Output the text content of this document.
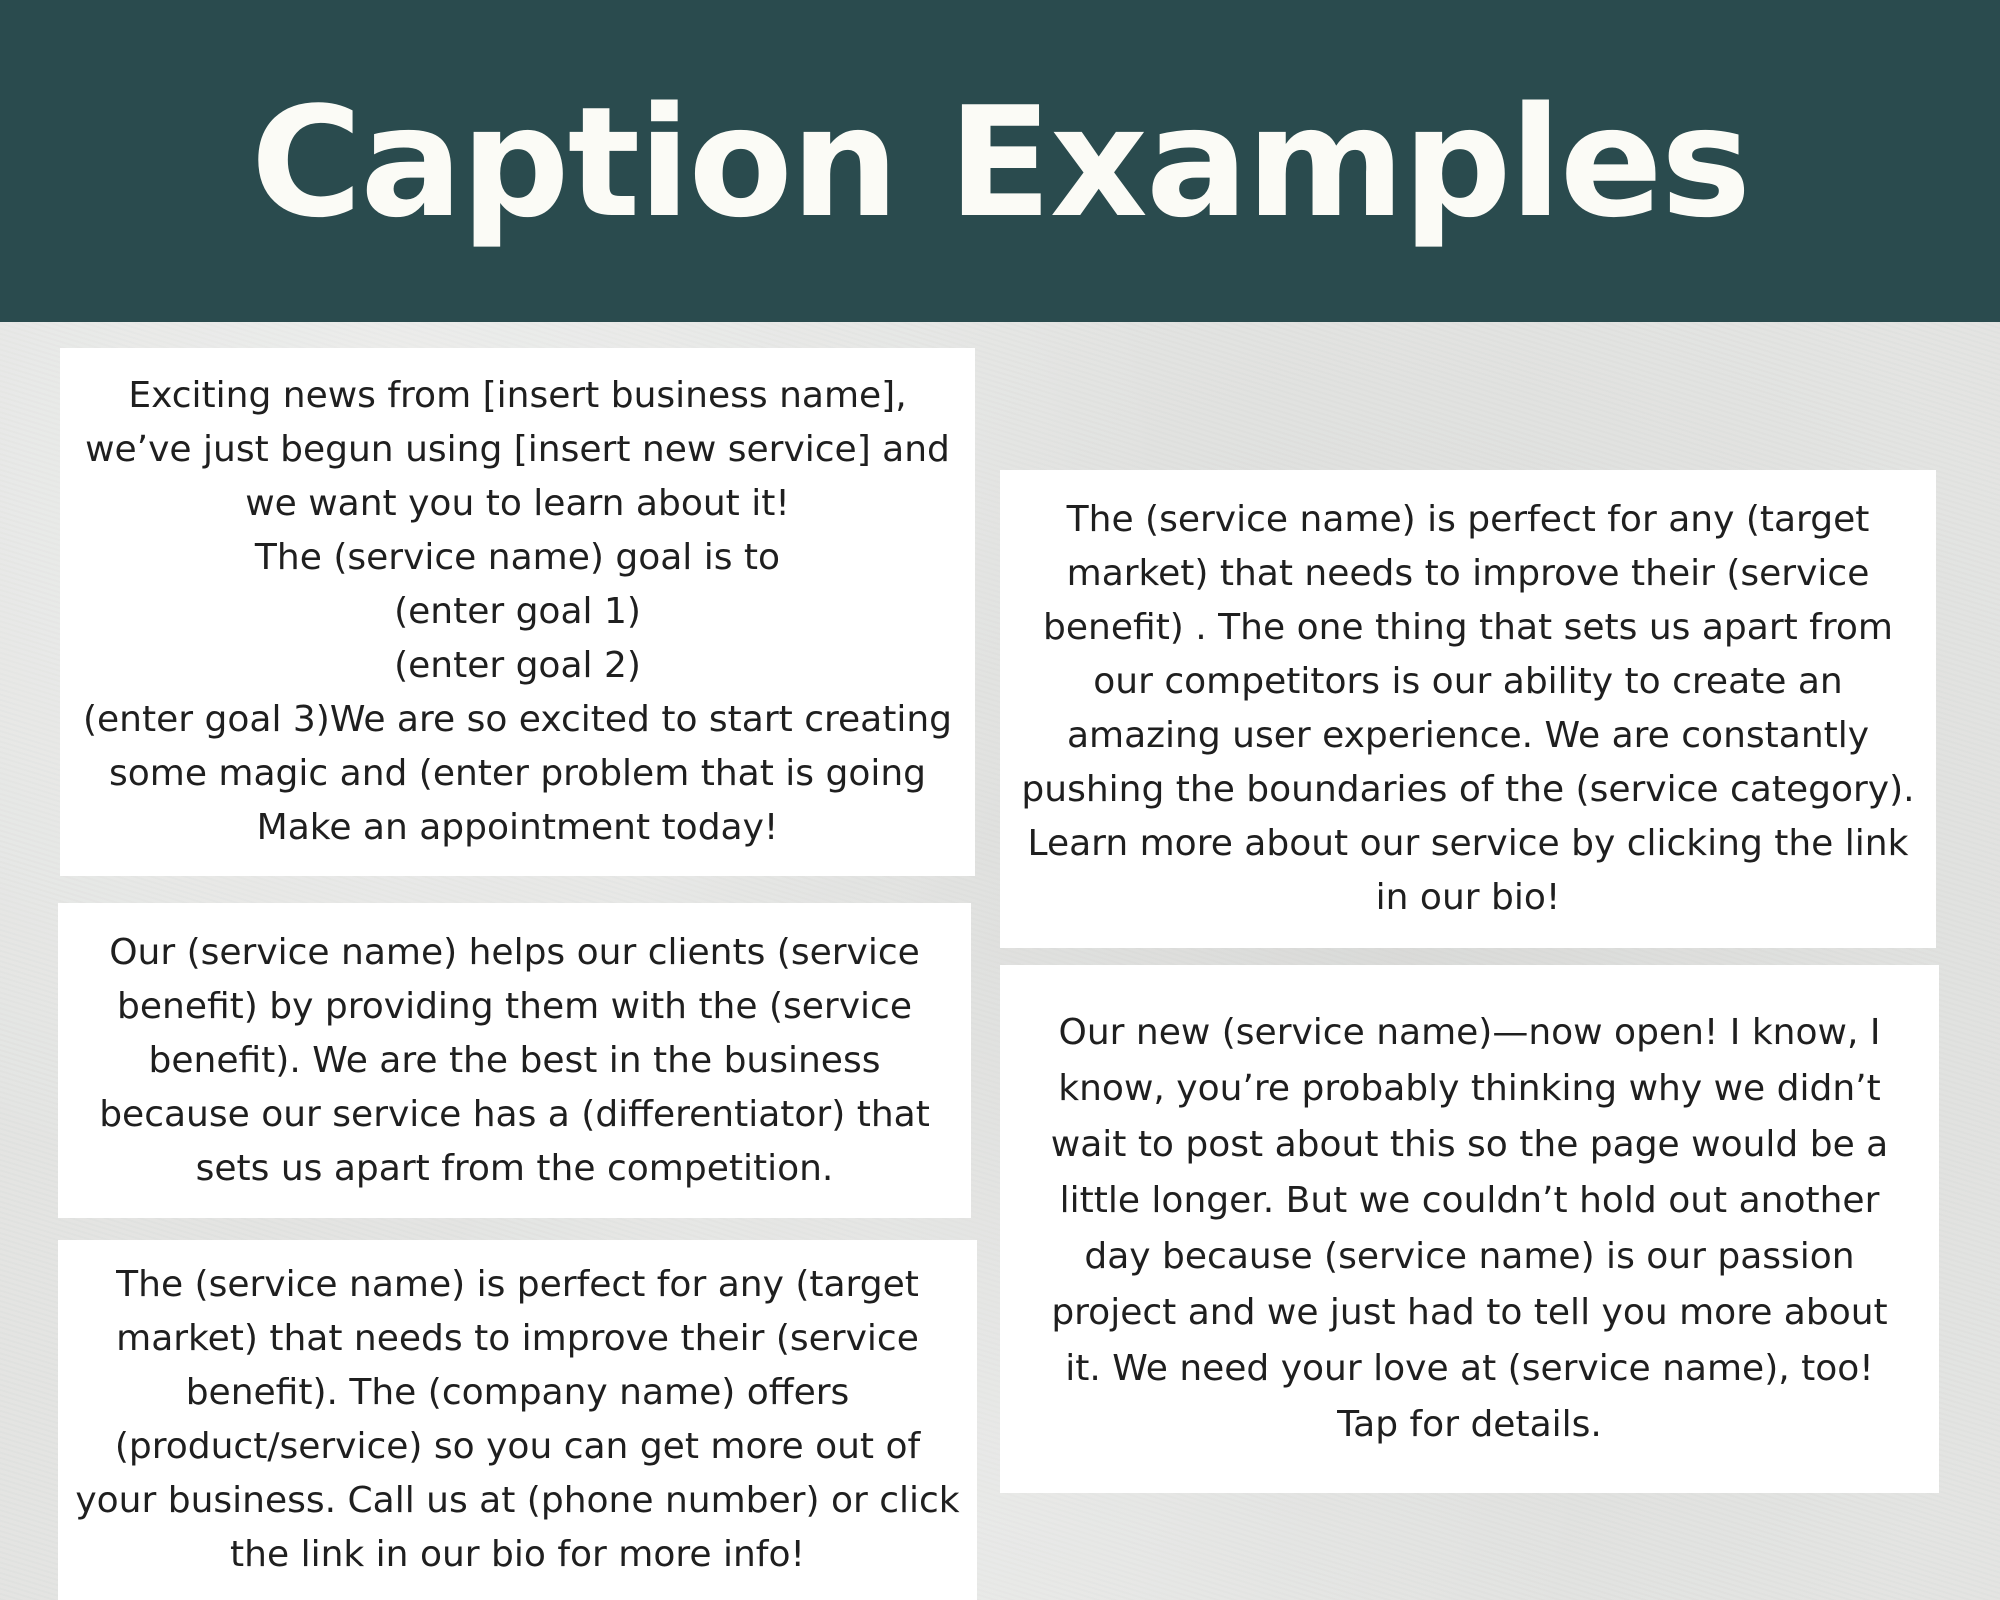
Caption Examples

Exciting news from [insert business name],
we’ve just begun using [insert new service] and
we want you to learn about it!
The (service name) goal is to
(enter goal 1)
(enter goal 2)
(enter goal 3)We are so excited to start creating
some magic and (enter problem that is going
Make an appointment today!

Our (service name) helps our clients (service
benefit) by providing them with the (service
benefit). We are the best in the business
because our service has a (differentiator) that
sets us apart from the competition.

The (service name) is perfect for any (target
market) that needs to improve their (service
benefit). The (company name) offers
(product/service) so you can get more out of
your business. Call us at (phone number) or click
the link in our bio for more info!

The (service name) is perfect for any (target
market) that needs to improve their (service
benefit) . The one thing that sets us apart from
our competitors is our ability to create an
amazing user experience. We are constantly
pushing the boundaries of the (service category).
Learn more about our service by clicking the link
in our bio!

Our new (service name)—now open! I know, I
know, you’re probably thinking why we didn’t
wait to post about this so the page would be a
little longer. But we couldn’t hold out another
day because (service name) is our passion
project and we just had to tell you more about
it. We need your love at (service name), too!
Tap for details.
